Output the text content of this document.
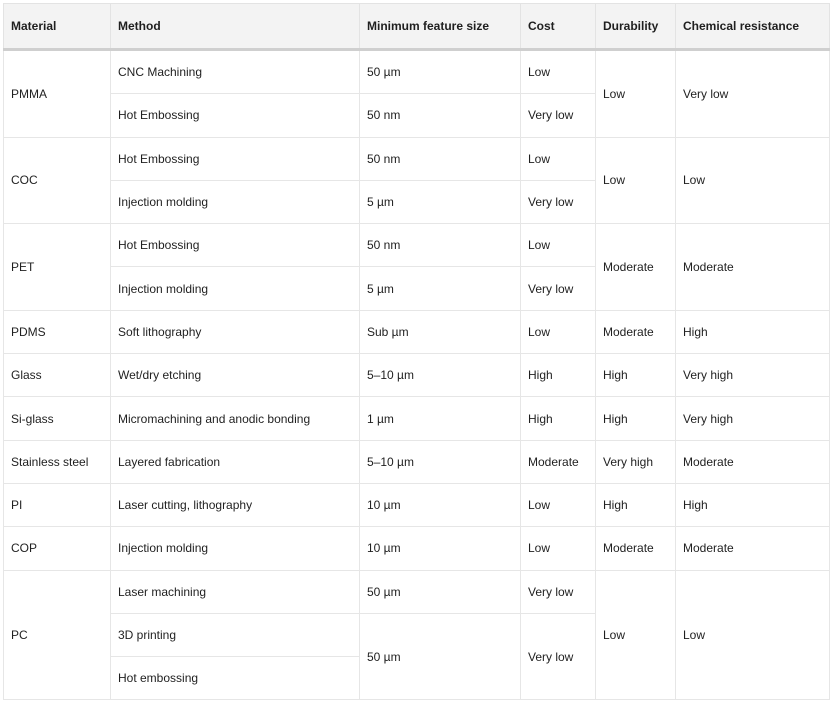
Material	Method	Minimum feature size	Cost	Durability	Chemical resistance
PMMA	CNC Machining	50 µm	Low	Low	Very low
	Hot Embossing	50 nm	Very low		
COC	Hot Embossing	50 nm	Low	Low	Low
	Injection molding	5 µm	Very low		
PET	Hot Embossing	50 nm	Low	Moderate	Moderate
	Injection molding	5 µm	Very low		
PDMS	Soft lithography	Sub µm	Low	Moderate	High
Glass	Wet/dry etching	5–10 µm	High	High	Very high
Si-glass	Micromachining and anodic bonding	1 µm	High	High	Very high
Stainless steel	Layered fabrication	5–10 µm	Moderate	Very high	Moderate
PI	Laser cutting, lithography	10 µm	Low	High	High
COP	Injection molding	10 µm	Low	Moderate	Moderate
PC	Laser machining	50 µm	Very low	Low	Low
	3D printing	50 µm	Very low		
	Hot embossing				
